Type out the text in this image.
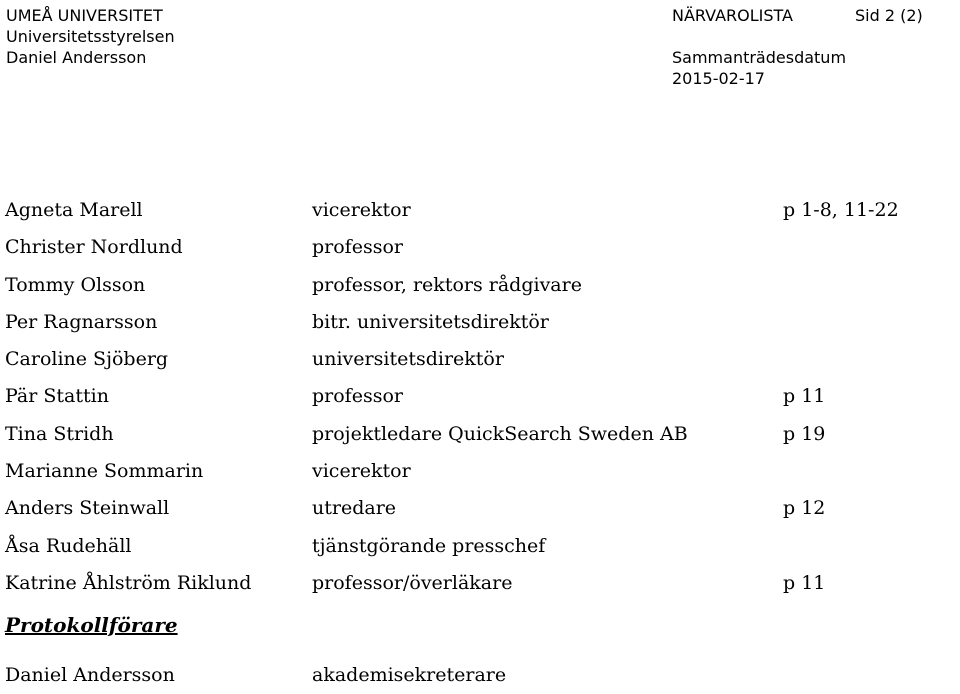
UMEÅ UNIVERSITET
Universitetsstyrelsen
Daniel Andersson
NÄRVAROLISTA	Sid 2 (2)
Sammanträdesdatum
2015-02-17
Agneta Marell	vicerektor	p 1-8, 11-22
Christer Nordlund	professor
Tommy Olsson	professor, rektors rådgivare
Per Ragnarsson	bitr. universitetsdirektör
Caroline Sjöberg	universitetsdirektör
Pär Stattin	professor	p 11
Tina Stridh	projektledare QuickSearch Sweden AB	p 19
Marianne Sommarin	vicerektor
Anders Steinwall	utredare	p 12
Åsa Rudehäll	tjänstgörande presschef
Katrine Åhlström Riklund	professor/överläkare	p 11
Protokollförare
Daniel Andersson	akademisekreterare
